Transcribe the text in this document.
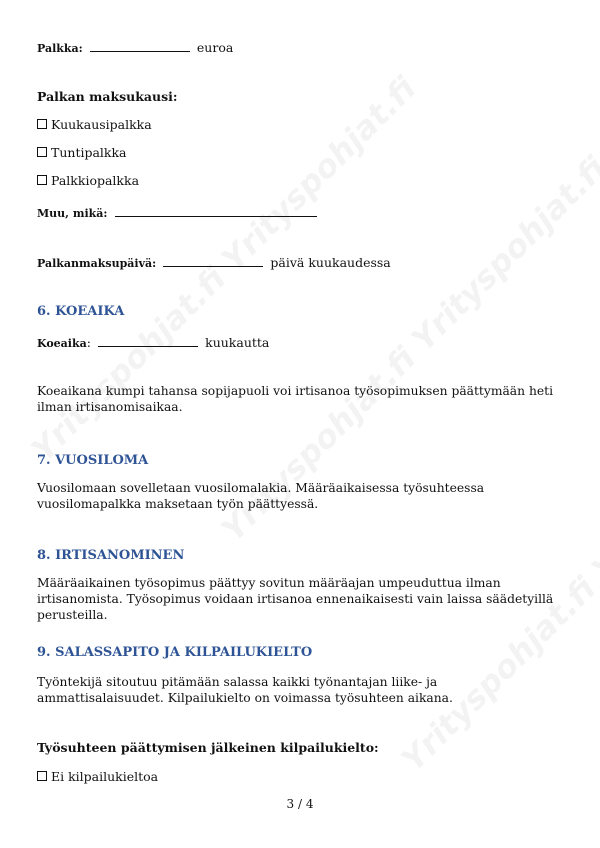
Palkka:	euroa
Palkan maksukausi:
Kuukausipalkka
Tuntipalkka
Palkkiopalkka
Muu, mikä:
Palkanmaksupäivä:	päivä kuukaudessa
6. KOEAIKA
Koeaika:	kuukautta

Koeaikana kumpi tahansa sopijapuoli voi irtisanoa työsopimuksen päättymään heti ilman irtisanomisaikaa.

7. VUOSILOMA

Vuosilomaan sovelletaan vuosilomalakia. Määräaikaisessa työsuhteessa vuosilomapalkka maksetaan työn päättyessä.

8. IRTISANOMINEN

Määräaikainen työsopimus päättyy sovitun määräajan umpeuduttua ilman irtisanomista. Työsopimus voidaan irtisanoa ennenaikaisesti vain laissa säädetyillä perusteilla.

9. SALASSAPITO JA KILPAILUKIELTO

Työntekijä sitoutuu pitämään salassa kaikki työnantajan liike- ja ammattisalaisuudet. Kilpailukielto on voimassa työsuhteen aikana.

Työsuhteen päättymisen jälkeinen kilpailukielto:
Ei kilpailukieltoa
3 / 4
